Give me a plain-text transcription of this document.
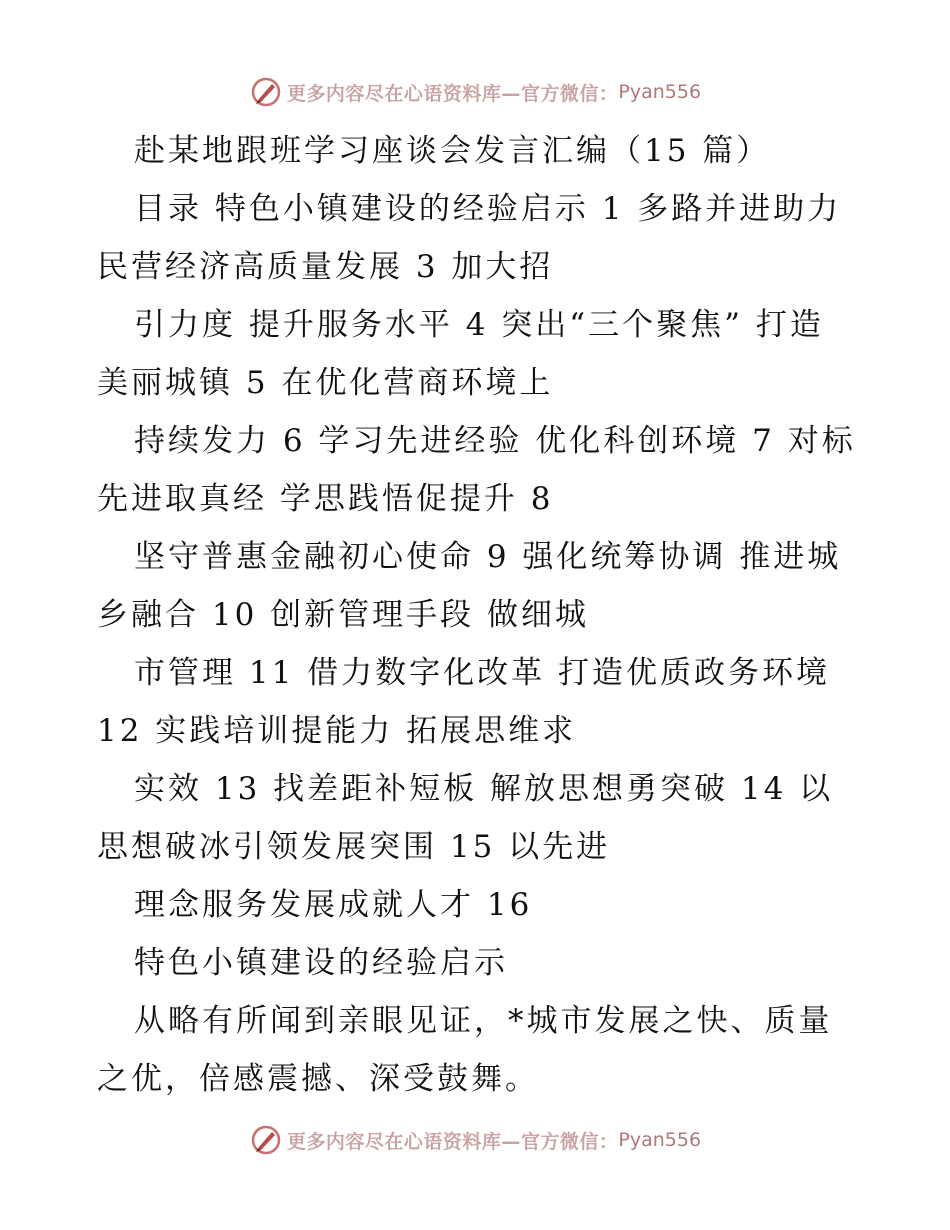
更多内容尽在心语资料库—官方微信： Pyan556

赴某地跟班学习座谈会发言汇编（15 篇）

目录 特色小镇建设的经验启示 1 多路并进助力民营经济高质量发展 3 加大招

引力度 提升服务水平 4 突出“三个聚焦” 打造美丽城镇 5 在优化营商环境上

持续发力 6 学习先进经验 优化科创环境 7 对标先进取真经 学思践悟促提升 8

坚守普惠金融初心使命 9 强化统筹协调 推进城乡融合 10 创新管理手段 做细城

市管理 11 借力数字化改革 打造优质政务环境 12 实践培训提能力 拓展思维求

实效 13 找差距补短板 解放思想勇突破 14 以思想破冰引领发展突围 15 以先进

理念服务发展成就人才 16

特色小镇建设的经验启示

从略有所闻到亲眼见证，*城市发展之快、质量之优，倍感震撼、深受鼓舞。

更多内容尽在心语资料库—官方微信： Pyan556
